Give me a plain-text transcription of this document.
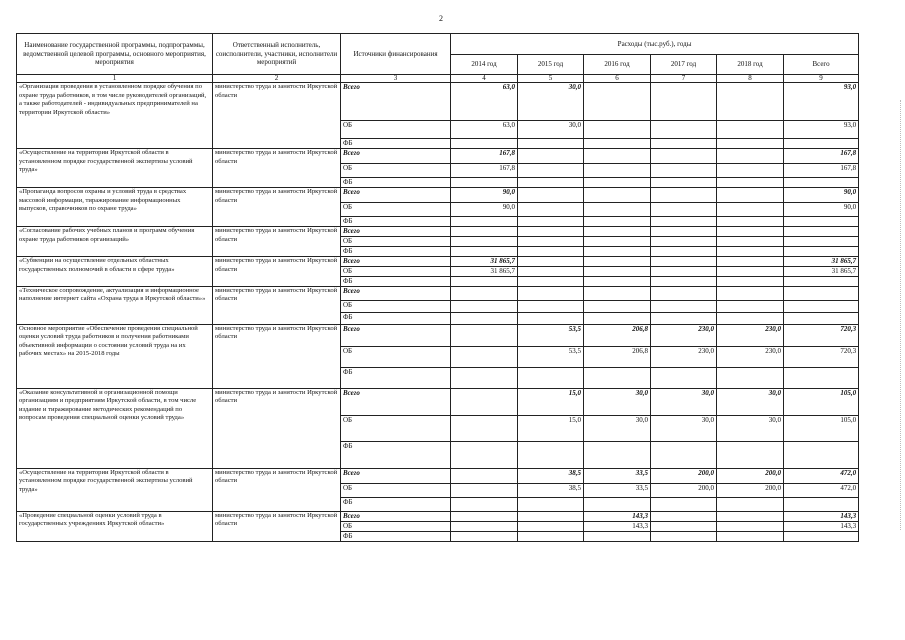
2
Наименование государственной программы, подпрограммы, ведомственной целевой программы, основного мероприятия, мероприятия	Ответственный исполнитель, соисполнители, участники, исполнители мероприятий	Источники финансирования	Расходы (тыс.руб.), годы					
			2014 год	2015 год	2016 год	2017 год	2018 год	Всего
1	2	3	4	5	6	7	8	9
«Организация проведения в установленном порядке обучения по охране труда работников, в том числе руководителей организаций, а также работодателей - индивидуальных предпринимателей на территории Иркутской области»	министерство труда и занятости Иркутской области	Всего	63,0	30,0				93,0
		ОБ	63,0	30,0				93,0
		ФБ						
«Осуществление на территории Иркутской области в установленном порядке государственной экспертизы условий труда»	министерство труда и занятости Иркутской области	Всего	167,8					167,8
		ОБ	167,8					167,8
		ФБ						
«Пропаганда вопросов охраны и условий труда в средствах массовой информации, тиражирование информационных выпусков, справочников по охране труда»	министерство труда и занятости Иркутской области	Всего	90,0					90,0
		ОБ	90,0					90,0
		ФБ						
«Согласование рабочих учебных планов и программ обучения охране труда работников организаций»	министерство труда и занятости Иркутской области	Всего						
		ОБ						
		ФБ						
«Субвенции на осуществление отдельных областных государственных полномочий в области в сфере труда»	министерство труда и занятости Иркутской области	Всего	31 865,7					31 865,7
		ОБ	31 865,7					31 865,7
		ФБ						
«Техническое сопровождение, актуализация и информационное наполнение интернет сайта «Охрана труда в Иркутской области»»	министерство труда и занятости Иркутской области	Всего						
		ОБ						
		ФБ						
Основное мероприятие «Обеспечение проведения специальной оценки условий труда работников и получения работниками объективной информации о состоянии условий труда на их рабочих местах» на 2015-2018 годы	министерство труда и занятости Иркутской области	Всего		53,5	206,8	230,0	230,0	720,3
		ОБ		53,5	206,8	230,0	230,0	720,3
		ФБ						
«Оказание консультативной и организационной помощи организациям и предприятиям Иркутской области, в том числе издание и тиражирование методических рекомендаций по вопросам проведения специальной оценки условий труда»	министерство труда и занятости Иркутской области	Всего		15,0	30,0	30,0	30,0	105,0
		ОБ		15,0	30,0	30,0	30,0	105,0
		ФБ						
«Осуществление на территории Иркутской области в установленном порядке государственной экспертизы условий труда»	министерство труда и занятости Иркутской области	Всего		38,5	33,5	200,0	200,0	472,0
		ОБ		38,5	33,5	200,0	200,0	472,0
		ФБ						
«Проведение специальной оценки условий труда в государственных учреждениях Иркутской области»	министерство труда и занятости Иркутской области	Всего			143,3			143,3
		ОБ			143,3			143,3
		ФБ						
